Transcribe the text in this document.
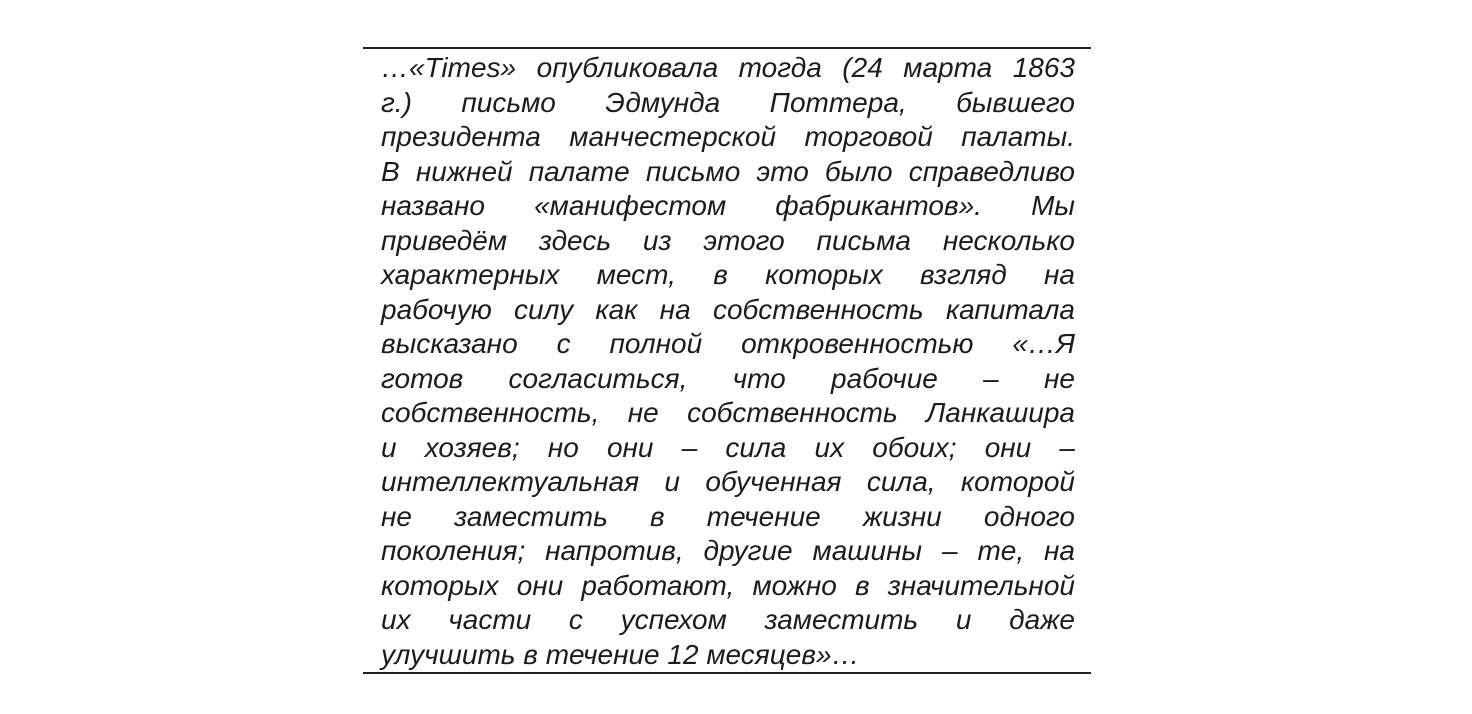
…«Times» опубликовала тогда (24 марта 1863
г.) письмо Эдмунда Поттера, бывшего
президента манчестерской торговой палаты.
В нижней палате письмо это было справедливо
названо «манифестом фабрикантов». Мы
приведём здесь из этого письма несколько
характерных мест, в которых взгляд на
рабочую силу как на собственность капитала
высказано с полной откровенностью «…Я
готов согласиться, что рабочие – не
собственность, не собственность Ланкашира
и хозяев; но они – сила их обоих; они –
интеллектуальная и обученная сила, которой
не заместить в течение жизни одного
поколения; напротив, другие машины – те, на
которых они работают, можно в значительной
их части с успехом заместить и даже
улучшить в течение 12 месяцев»…
